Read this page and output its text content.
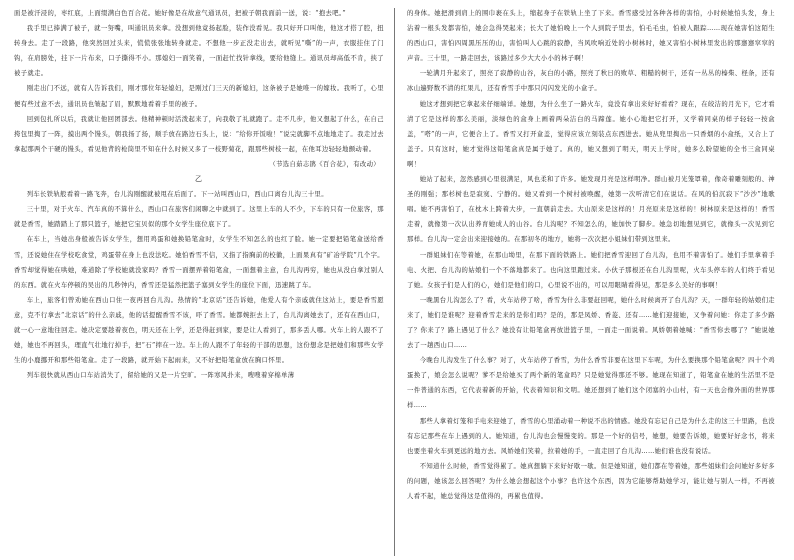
面是被汗浸的，枣红底，上面缀满白色百合花。她好像是在故意气通讯员，把被子朝我面前一送，说：“抱去吧。”

我手里已捧满了被子，就一努嘴，叫通讯员来拿。没想到他竟扬起脸，装作没看见。我只好开口叫他，他这才搭了腔，扭转身去。走了一段路，他突然回过头来，慌慌张张地转身就走。不想他一步正没走出去，就听见“嘶”的一声，衣服挂住了门钩，在肩膀处，挂下一片布来，口子撕得不小。那媳妇一面笑着，一面赶忙找针拿线，要给他缝上。通讯员却高低不肯，挟了被子就走。

刚走出门不远，就有人告诉我们，刚才那位年轻媳妇，是刚过门三天的新媳妇，这条被子是她唯一的嫁妆。我听了，心里便有些过意不去，通讯员也皱起了眉，默默地看着手里的被子。

回到包扎所以后，我就让他回团部去。他精神顿时活泼起来了，向我敬了礼就跑了。走不几步，他又想起了什么，在自己挎包里掏了一阵，摸出两个馒头，朝我扬了扬，顺手放在路边石头上，说：“给你开饭啦！”说完就脚不点地地走了。我走过去拿起那两个干硬的馒头，看见他背的枪筒里不知在什么时候又多了一枝野菊花，跟那些树枝一起，在他耳边轻轻地颤动着。

（节选自茹志鹃《百合花》，有改动）

乙

列车长铁轨般看着一路飞奔，台儿沟刚醒就被甩在后面了。下一站叫西山口，西山口离台儿沟三十里。

三十里，对于火车、汽车真的不算什么，西山口在旅客们闲聊之中就到了。这里上车的人不少，下车的只有一位旅客，那就是香雪，她踏踏上了那只篮子，她把它宝贝似的那个女学生座位底下了。

在车上，当她出身般被告诉女学生，想用鸡蛋和她换铅笔盒时，女学生不知怎么的也红了脸。她一定要把铅笔盒送给香雪，还说她住在学校吃食堂，鸡蛋带在身上也没法吃。她怕香雪不信，又指了指胸前的校徽，上面果真有“矿冶学院”几个字。香雪却觉得她在哄她，难道除了学校她就没家吗？香雪一面摆弄着铅笔盒，一面想着主意，台儿沟再穷，她也从没白拿过别人的东西。就在火车停顿的吴出的几秒钟内，香雪还是猛然把篮子塞到女学生的座位下面，迅速跳了车。

车上，旅客们曾劝她在西山口住一夜再回台儿沟。热情的“北京话”还告诉她，他爱人有个亲戚就住这站上，要是香雪愿意，克不行拿去“北京话”的什么亲戚，他的话提醒香雪不该，吓了香雪。她都婉拒去上了，台儿沟离她去了，还有在西山口，就一心一意地往回走。她决定要趁着夜色，明天还在上学，还是得赶到家，要是让人看到了，那多丢人哪。火车上的人跟不了她，她也不再回头，理直气壮地行掉手，把“石”摔在一边。车上的人跟不了年轻的干部的思想，这份想念是把她们和那些女学生的小鹿挪开和那些铅笔盒。走了一段路，就开始下起雨来，又不好把铅笔盒放在胸口怀里。

列车很快就从西山口车站消失了，留给她的又是一片空旷。一阵寒风扑来，嗖嗖着穿棉单薄

的身体。她把滑到肩上的围巾裹在头上，缩起身子在铁轨上坐了下来。香雪感受过各种各样的害怕，小时候她怕头发，身上沾着一根头发都害怕，她会急得哭起来；长大了她怕晚上一个人到院子里去，怕毛毛虫，怕被人跟踪……现在她害怕这陌生的西山口，害怕四周黑压压的山，害怕叫人心跳的寂静，当风吹响近处的小树林时，她又害怕小树林里发出的那窸窸窣窣的声音。三十里，一路走回去，该路过多少大大小小的林子啊！

一轮满月升起来了，照亮了寂静的山谷，灰白的小路，照亮了秋日的败草、粗糙的树干，还有一丛丛的榛柴、柽条，还有冰山遍野数不清的红果儿，还有香雪手中那只闪闪发光的小盒子。

她这才想到把它拿起来仔细端详。她想，为什么坐了一路火车，竟没有拿出来好好看看？现在，在皎洁的月光下，它才看清了它是这样的那么美丽，淡绿色的盒身上画着两朵洁白的马蹄莲。她小心地把它打开，又学着同桌的样子轻轻一按盒盖，“嗒”的一声，它便合上了。香雪又打开盒盖，觉得应该立刻装点东西进去。她从兜里掏出一只香烟的小盒纸，又合上了盖子。只有这时，她才觉得这铅笔盒真是属于她了。真的，她又想到了明天，明天上学时，她多么盼望她的全书三盒同桌啊！

她站了起来，忽然感到心里很满足，风也柔和了许多。她发现月亮是这样明净。群山被月光笼罩着，像奇着雕刻般的、神圣的刚强；那杉树也是寂寞、宁静的。她又看到一个树村被唤醒，她第一次听清它们在说话。在风的伯沉寂下“沙沙”地歌唱。她不再害怕了，在枕木上跨着大步，一直朝前走去。大山原来是这样的！月亮原来是这样的！树林原来是这样的！香雪走着，就像第一次认出养育她成人的山谷。台儿沟呢？不知怎么的，她加快了脚步。她急切地想见到它，就像头一次见到它那样。台儿沟一定会出来迎接她的。在那初冬的地方，她将一次次把小姐妹们带到这里来。

一群姐妹们在等着她，在那山坳里，在那下面的铁路上。她们把香雪迎回了台儿沟，也用不着害怕了。她们手里拿着手电、火把、台儿沟的姑娘们一个不落地都来了。也向这里跑过来。小伙子那根还在台儿沟里呢，火车头停车的人们终于看见了她。女孩子们是人们的心，她们是他们的口，心里说不出的，可以用眼睛看得见，那是多么美好的事啊！

一晚黑台儿沟怎么了？看，火车站停了啥，香雪为什么非要赶回呢，她什么时候离开了台儿沟？天，一群年轻的姑娘们走来了，她们是谁呢？迎着香雪走来的是你们吗？是的，那是凤娇、香菱、还有……她们迎接她，又争着问她：你走了多少路了？你来了？路上遇见了什么？她没有让铅笔盒再放进篮子里，一面走一面说着。风娇朝着她喊：“香雪你去哪了？”她说她去了一趟西山口……

今晚台儿沟发生了什么事？对了，火车站停了香雪，为什么香雪非要在这里下车呢，为什么要换那个铅笔盒呢？四十个鸡蛋换了，娘会怎么说呢？爹不是给她买了两个新的笔盒吗？只是她觉得那还不够。她现在知道了，铅笔盒在她的生活里不是一件普通的东西，它代表着新的开始，代表着知识和文明。她还想到了她们这个闭塞的小山村，有一天也会像外面的世界那样……

那些人拿着灯笼和手电来迎她了，香雪的心里涌动着一种说不出的情感。她没有忘记自己是为什么走的这三十里路，也没有忘记那些在车上遇到的人。她知道，台儿沟也会慢慢变的。那是一个好的信号，她想，她要告诉娘，她要好好念书，将来也要坐着火车到更远的地方去。风娇她们笑着，拉着她的手，一直走回了台儿沟……她们谁也没有说话。

不知道什么时候，香雪觉得累了。她真想躺下来好好歇一歇。但是她知道，她们都在等着她，那些姐妹们会问她好多好多的问题，她该怎么回答呢？为什么她会想起这个小事？也许这个东西，因为它能够帮助她学习，能让她与别人一样，不再被人看不起，她总觉得这是值得的，再累也值得。
